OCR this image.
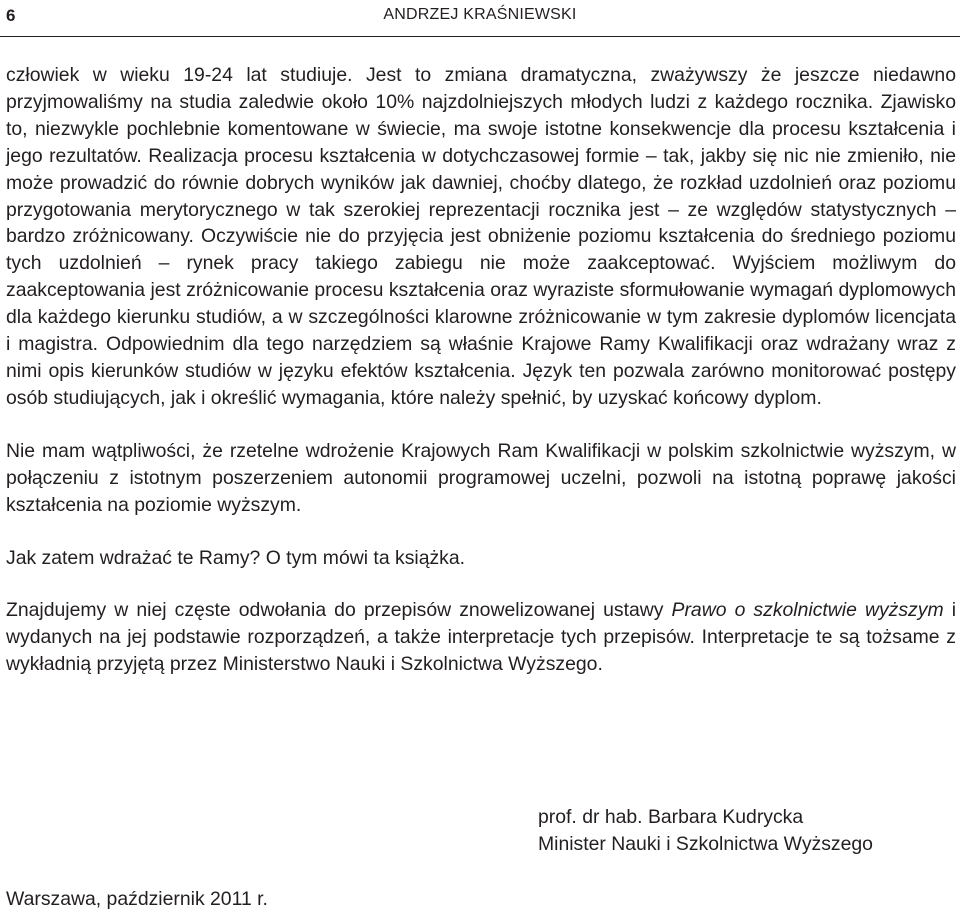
6	ANDRZEJ KRAŚNIEWSKI

człowiek w wieku 19-24 lat studiuje. Jest to zmiana dramatyczna, zważywszy że jeszcze niedawno przyjmowaliśmy na studia zaledwie około 10% najzdolniejszych młodych ludzi z każdego rocznika. Zjawisko to, niezwykle pochlebnie komentowane w świecie, ma swoje istotne konsekwencje dla procesu kształcenia i jego rezultatów. Realizacja procesu kształcenia w dotychczasowej formie – tak, jakby się nic nie zmieniło, nie może prowadzić do równie dobrych wyników jak dawniej, choćby dlatego, że rozkład uzdolnień oraz poziomu przygotowania merytorycznego w tak szerokiej reprezentacji rocznika jest – ze względów statystycznych – bardzo zróżnicowany. Oczywiście nie do przyjęcia jest obniżenie poziomu kształcenia do średniego poziomu tych uzdolnień – rynek pracy takiego zabiegu nie może zaakceptować. Wyjściem możliwym do zaakceptowania jest zróżnicowanie procesu kształcenia oraz wyraziste sformułowanie wymagań dyplomowych dla każdego kierunku studiów, a w szczególności klarowne zróżnicowanie w tym zakresie dyplomów licencjata i magistra. Odpowiednim dla tego narzędziem są właśnie Krajowe Ramy Kwalifikacji oraz wdrażany wraz z nimi opis kierunków studiów w języku efektów kształcenia. Język ten pozwala zarówno monitorować postępy osób studiujących, jak i określić wymagania, które należy spełnić, by uzyskać końcowy dyplom.

Nie mam wątpliwości, że rzetelne wdrożenie Krajowych Ram Kwalifikacji w polskim szkolnictwie wyższym, w połączeniu z istotnym poszerzeniem autonomii programowej uczelni, pozwoli na istotną poprawę jakości kształcenia na poziomie wyższym.

Jak zatem wdrażać te Ramy? O tym mówi ta książka.

Znajdujemy w niej częste odwołania do przepisów znowelizowanej ustawy Prawo o szkolnictwie wyższym i wydanych na jej podstawie rozporządzeń, a także interpretacje tych przepisów. Interpretacje te są tożsame z wykładnią przyjętą przez Ministerstwo Nauki i Szkolnictwa Wyższego.

prof. dr hab. Barbara Kudrycka
Minister Nauki i Szkolnictwa Wyższego
Warszawa, październik 2011 r.
